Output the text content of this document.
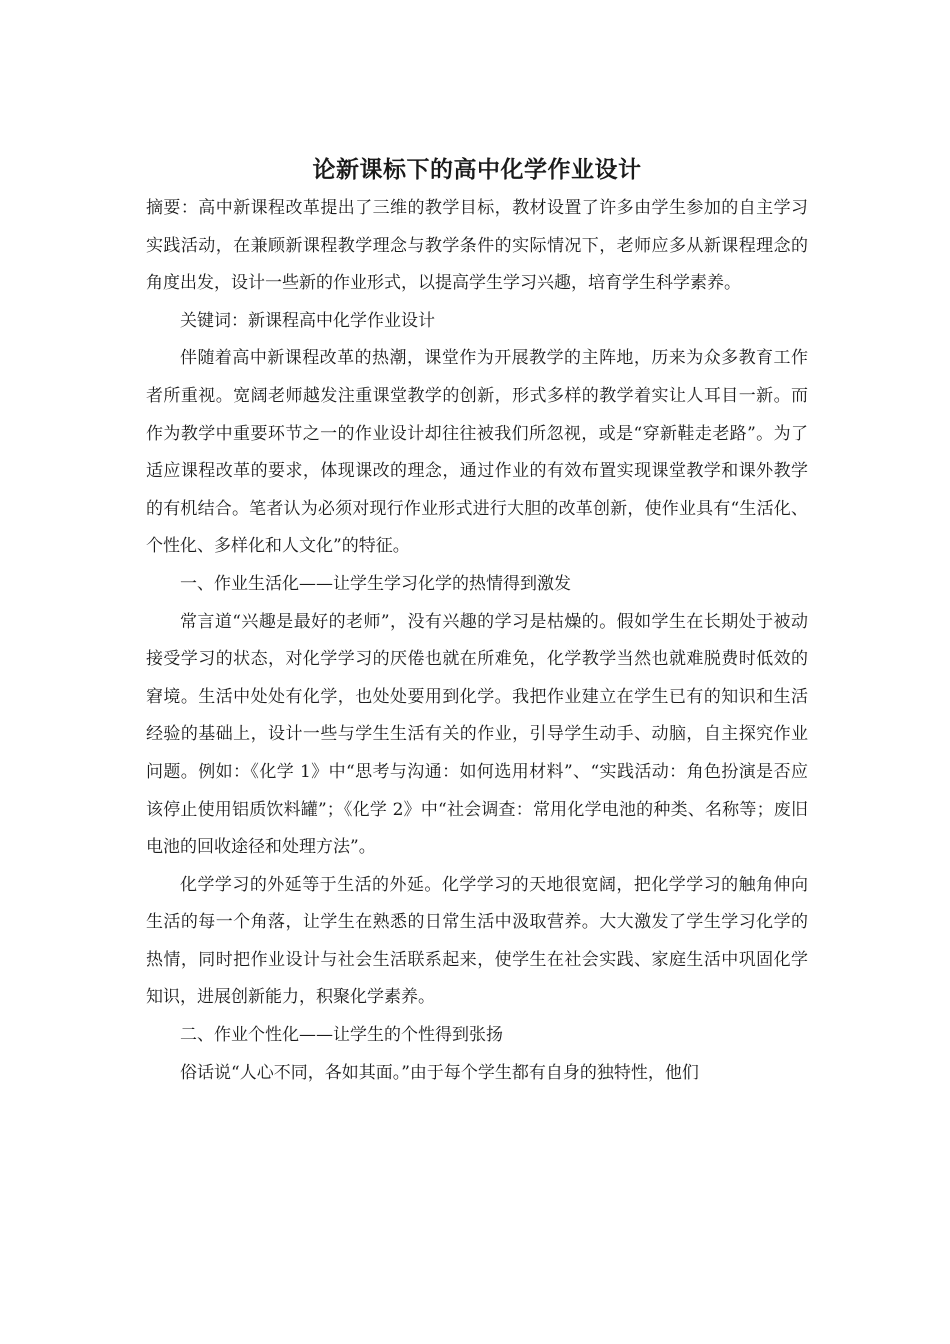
论新课标下的高中化学作业设计

摘要：高中新课程改革提出了三维的教学目标，教材设置了许多由学生参加的自主学习实践活动，在兼顾新课程教学理念与教学条件的实际情况下，老师应多从新课程理念的角度出发，设计一些新的作业形式，以提高学生学习兴趣，培育学生科学素养。

关键词：新课程高中化学作业设计

伴随着高中新课程改革的热潮，课堂作为开展教学的主阵地，历来为众多教育工作者所重视。宽阔老师越发注重课堂教学的创新，形式多样的教学着实让人耳目一新。而作为教学中重要环节之一的作业设计却往往被我们所忽视，或是“穿新鞋走老路”。为了适应课程改革的要求，体现课改的理念，通过作业的有效布置实现课堂教学和课外教学的有机结合。笔者认为必须对现行作业形式进行大胆的改革创新，使作业具有“生活化、个性化、多样化和人文化”的特征。

一、作业生活化——让学生学习化学的热情得到激发

常言道“兴趣是最好的老师”，没有兴趣的学习是枯燥的。假如学生在长期处于被动接受学习的状态，对化学学习的厌倦也就在所难免，化学教学当然也就难脱费时低效的窘境。生活中处处有化学，也处处要用到化学。我把作业建立在学生已有的知识和生活经验的基础上，设计一些与学生生活有关的作业，引导学生动手、动脑，自主探究作业问题。例如：《化学 1》中“思考与沟通：如何选用材料”、“实践活动：角色扮演是否应该停止使用铝质饮料罐”；《化学 2》中“社会调查：常用化学电池的种类、名称等；废旧电池的回收途径和处理方法”。

化学学习的外延等于生活的外延。化学学习的天地很宽阔，把化学学习的触角伸向生活的每一个角落，让学生在熟悉的日常生活中汲取营养。大大激发了学生学习化学的热情，同时把作业设计与社会生活联系起来，使学生在社会实践、家庭生活中巩固化学知识，进展创新能力，积聚化学素养。

二、作业个性化——让学生的个性得到张扬

俗话说“人心不同，各如其面。”由于每个学生都有自身的独特性，他们
